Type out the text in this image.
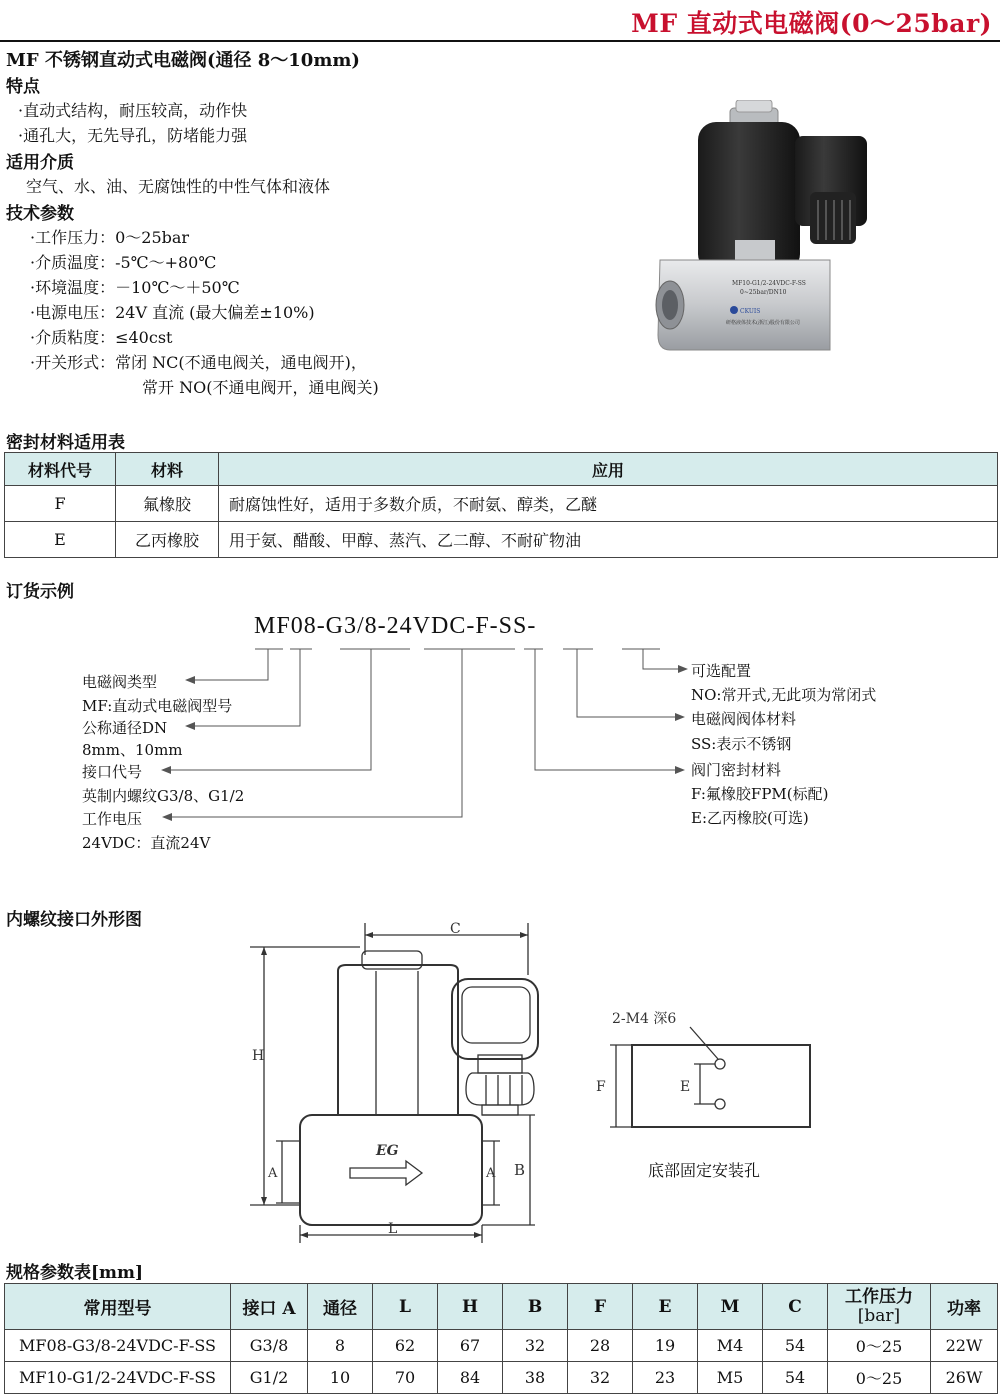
MF 直动式电磁阀(0～25bar)
MF 不锈钢直动式电磁阀(通径 8～10mm)
特点
·直动式结构，耐压较高，动作快
·通孔大，无先导孔，防堵能力强
适用介质
空气、水、油、无腐蚀性的中性气体和液体
技术参数
·工作压力：0～25bar
·介质温度：-5℃～+80℃
·环境温度：－10℃～＋50℃
·电源电压：24V 直流 (最大偏差±10%)
·介质粘度：≤40cst
·开关形式：常闭 NC(不通电阀关，通电阀开)，
常开 NO(不通电阀开，通电阀关)
MF10-G1/2-24VDC-F-SS
0~25bar/DN10
CKUIS
研格液体技术(浙江)股份有限公司
密封材料适用表
材料代号	材料	应用
F	氟橡胶	耐腐蚀性好，适用于多数介质，不耐氨、醇类，乙醚
E	乙丙橡胶	用于氨、醋酸、甲醇、蒸汽、乙二醇、不耐矿物油
订货示例
MF08-G3/8-24VDC-F-SS-
电磁阀类型
MF:直动式电磁阀型号
公称通径DN
8mm、10mm
接口代号
英制内螺纹G3/8、G1/2
工作电压
24VDC：直流24V
可选配置
NO:常开式,无此项为常闭式
电磁阀阀体材料
SS:表示不锈钢
阀门密封材料
F:氟橡胶FPM(标配)
E:乙丙橡胶(可选)
内螺纹接口外形图	C
H
A	A B
L
EG
2-M4 深6
F	E
底部固定安装孔
规格参数表[mm]
常用型号	接口 A	通径	L	H	B	F	E	M	C	工作压力
[bar]	功率
MF08-G3/8-24VDC-F-SS	G3/8	8	62	67	32	28	19	M4	54	0～25	22W
MF10-G1/2-24VDC-F-SS	G1/2	10	70	84	38	32	23	M5	54	0～25	26W
